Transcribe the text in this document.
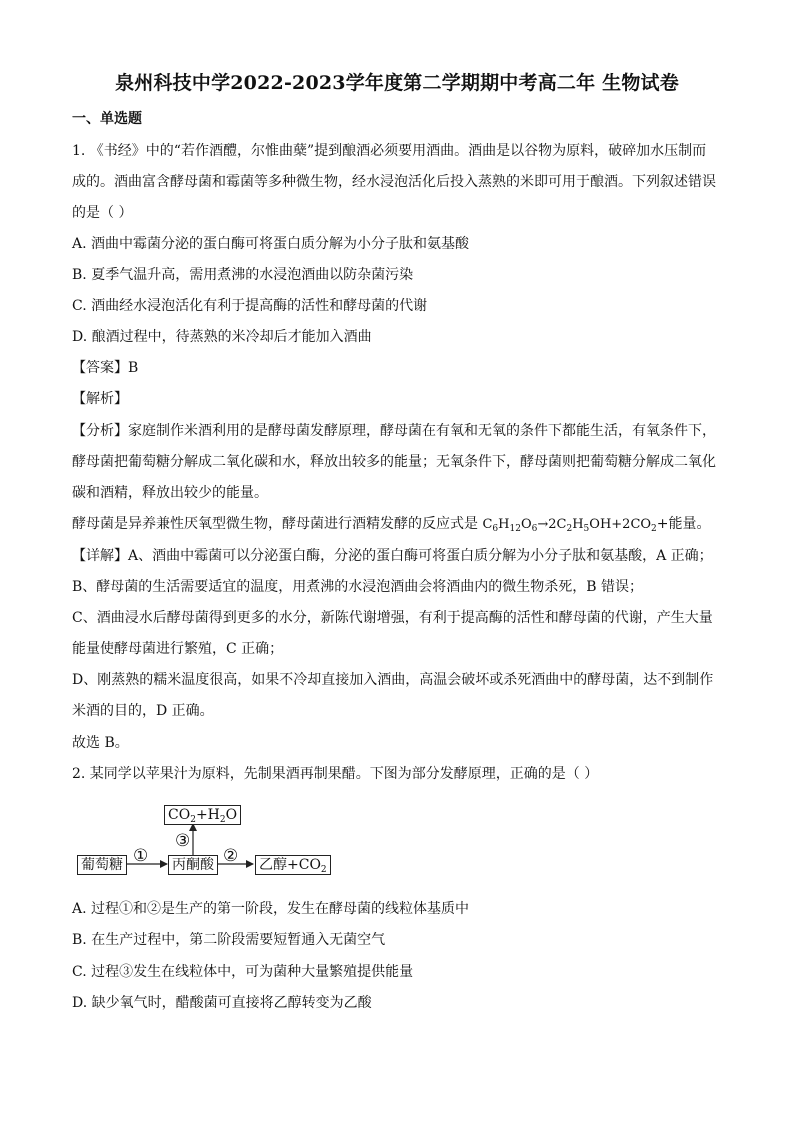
泉州科技中学2022-2023学年度第二学期期中考高二年 生物试卷
一、单选题
1. 《书经》中的“若作酒醴，尔惟曲蘖”提到酿酒必须要用酒曲。酒曲是以谷物为原料，破碎加水压制而
成的。酒曲富含酵母菌和霉菌等多种微生物，经水浸泡活化后投入蒸熟的米即可用于酿酒。下列叙述错误
的是（ ）
A. 酒曲中霉菌分泌的蛋白酶可将蛋白质分解为小分子肽和氨基酸
B. 夏季气温升高，需用煮沸的水浸泡酒曲以防杂菌污染
C. 酒曲经水浸泡活化有利于提高酶的活性和酵母菌的代谢
D. 酿酒过程中，待蒸熟的米冷却后才能加入酒曲
【答案】B
【解析】
【分析】家庭制作米酒利用的是酵母菌发酵原理，酵母菌在有氧和无氧的条件下都能生活，有氧条件下，
酵母菌把葡萄糖分解成二氧化碳和水，释放出较多的能量；无氧条件下，酵母菌则把葡萄糖分解成二氧化
碳和酒精，释放出较少的能量。
酵母菌是异养兼性厌氧型微生物，酵母菌进行酒精发酵的反应式是 $C_6H_{12}O_6\to 2C_2H_5OH+2CO_2+$能量。
【详解】A、酒曲中霉菌可以分泌蛋白酶，分泌的蛋白酶可将蛋白质分解为小分子肽和氨基酸，A 正确；
B、酵母菌的生活需要适宜的温度，用煮沸的水浸泡酒曲会将酒曲内的微生物杀死，B 错误；
C、酒曲浸水后酵母菌得到更多的水分，新陈代谢增强，有利于提高酶的活性和酵母菌的代谢，产生大量
能量使酵母菌进行繁殖，C 正确；
D、刚蒸熟的糯米温度很高，如果不冷却直接加入酒曲，高温会破坏或杀死酒曲中的酵母菌，达不到制作
米酒的目的，D 正确。
故选 B。
2. 某同学以苹果汁为原料，先制果酒再制果醋。下图为部分发酵原理，正确的是（ ）
$CO_2+H_2O$
③
葡萄糖 ① 丙酮酸 ② 乙醇$+CO_2$
A. 过程①和②是生产的第一阶段，发生在酵母菌的线粒体基质中
B. 在生产过程中，第二阶段需要短暂通入无菌空气
C. 过程③发生在线粒体中，可为菌种大量繁殖提供能量
D. 缺少氧气时，醋酸菌可直接将乙醇转变为乙酸
